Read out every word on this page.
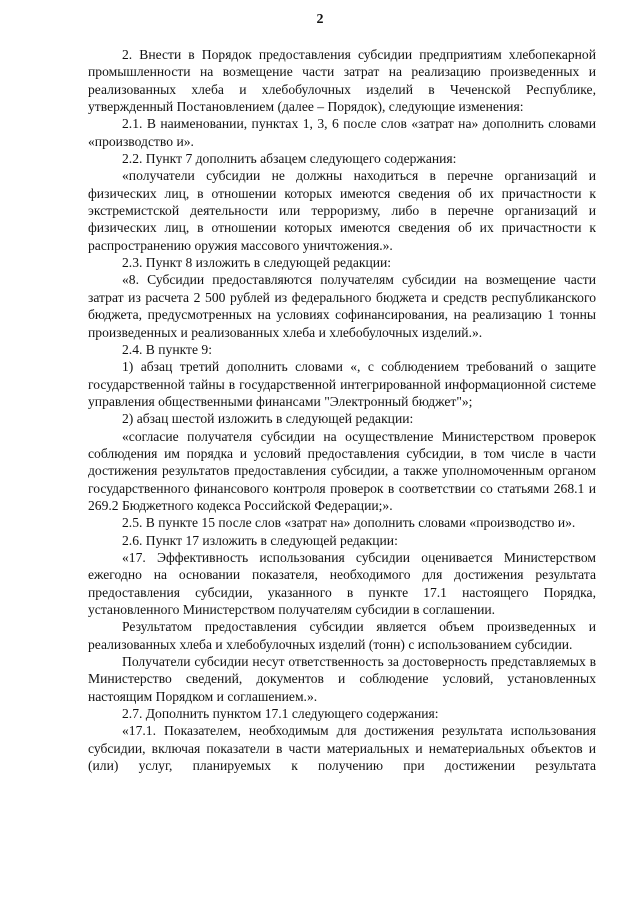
2

2. Внести в Порядок предоставления субсидии предприятиям хлебопекарной промышленности на возмещение части затрат на реализацию произведенных и реализованных хлеба и хлебобулочных изделий в Чеченской Республике, утвержденный Постановлением (далее – Порядок), следующие изменения:

2.1. В наименовании, пунктах 1, 3, 6 после слов «затрат на» дополнить словами «производство и».

2.2. Пункт 7 дополнить абзацем следующего содержания:

«получатели субсидии не должны находиться в перечне организаций и физических лиц, в отношении которых имеются сведения об их причастности к экстремистской деятельности или терроризму, либо в перечне организаций и физических лиц, в отношении которых имеются сведения об их причастности к распространению оружия массового уничтожения.».

2.3. Пункт 8 изложить в следующей редакции:

«8. Субсидии предоставляются получателям субсидии на возмещение части затрат из расчета 2 500 рублей из федерального бюджета и средств республиканского бюджета, предусмотренных на условиях софинансирования, на реализацию 1 тонны произведенных и реализованных хлеба и хлебобулочных изделий.».

2.4. В пункте 9:

1) абзац третий дополнить словами «, с соблюдением требований о защите государственной тайны в государственной интегрированной информационной системе управления общественными финансами "Электронный бюджет"»;

2) абзац шестой изложить в следующей редакции:

«согласие получателя субсидии на осуществление Министерством проверок соблюдения им порядка и условий предоставления субсидии, в том числе в части достижения результатов предоставления субсидии, а также уполномоченным органом государственного финансового контроля проверок в соответствии со статьями 268.1 и 269.2 Бюджетного кодекса Российской Федерации;».

2.5. В пункте 15 после слов «затрат на» дополнить словами «производство и».

2.6. Пункт 17 изложить в следующей редакции:

«17. Эффективность использования субсидии оценивается Министерством ежегодно на основании показателя, необходимого для достижения результата предоставления субсидии, указанного в пункте 17.1 настоящего Порядка, установленного Министерством получателям субсидии в соглашении.

Результатом предоставления субсидии является объем произведенных и реализованных хлеба и хлебобулочных изделий (тонн) с использованием субсидии.

Получатели субсидии несут ответственность за достоверность представляемых в Министерство сведений, документов и соблюдение условий, установленных настоящим Порядком и соглашением.».

2.7. Дополнить пунктом 17.1 следующего содержания:

«17.1. Показателем, необходимым для достижения результата использования субсидии, включая показатели в части материальных и нематериальных объектов и (или) услуг, планируемых к получению при достижении результата
